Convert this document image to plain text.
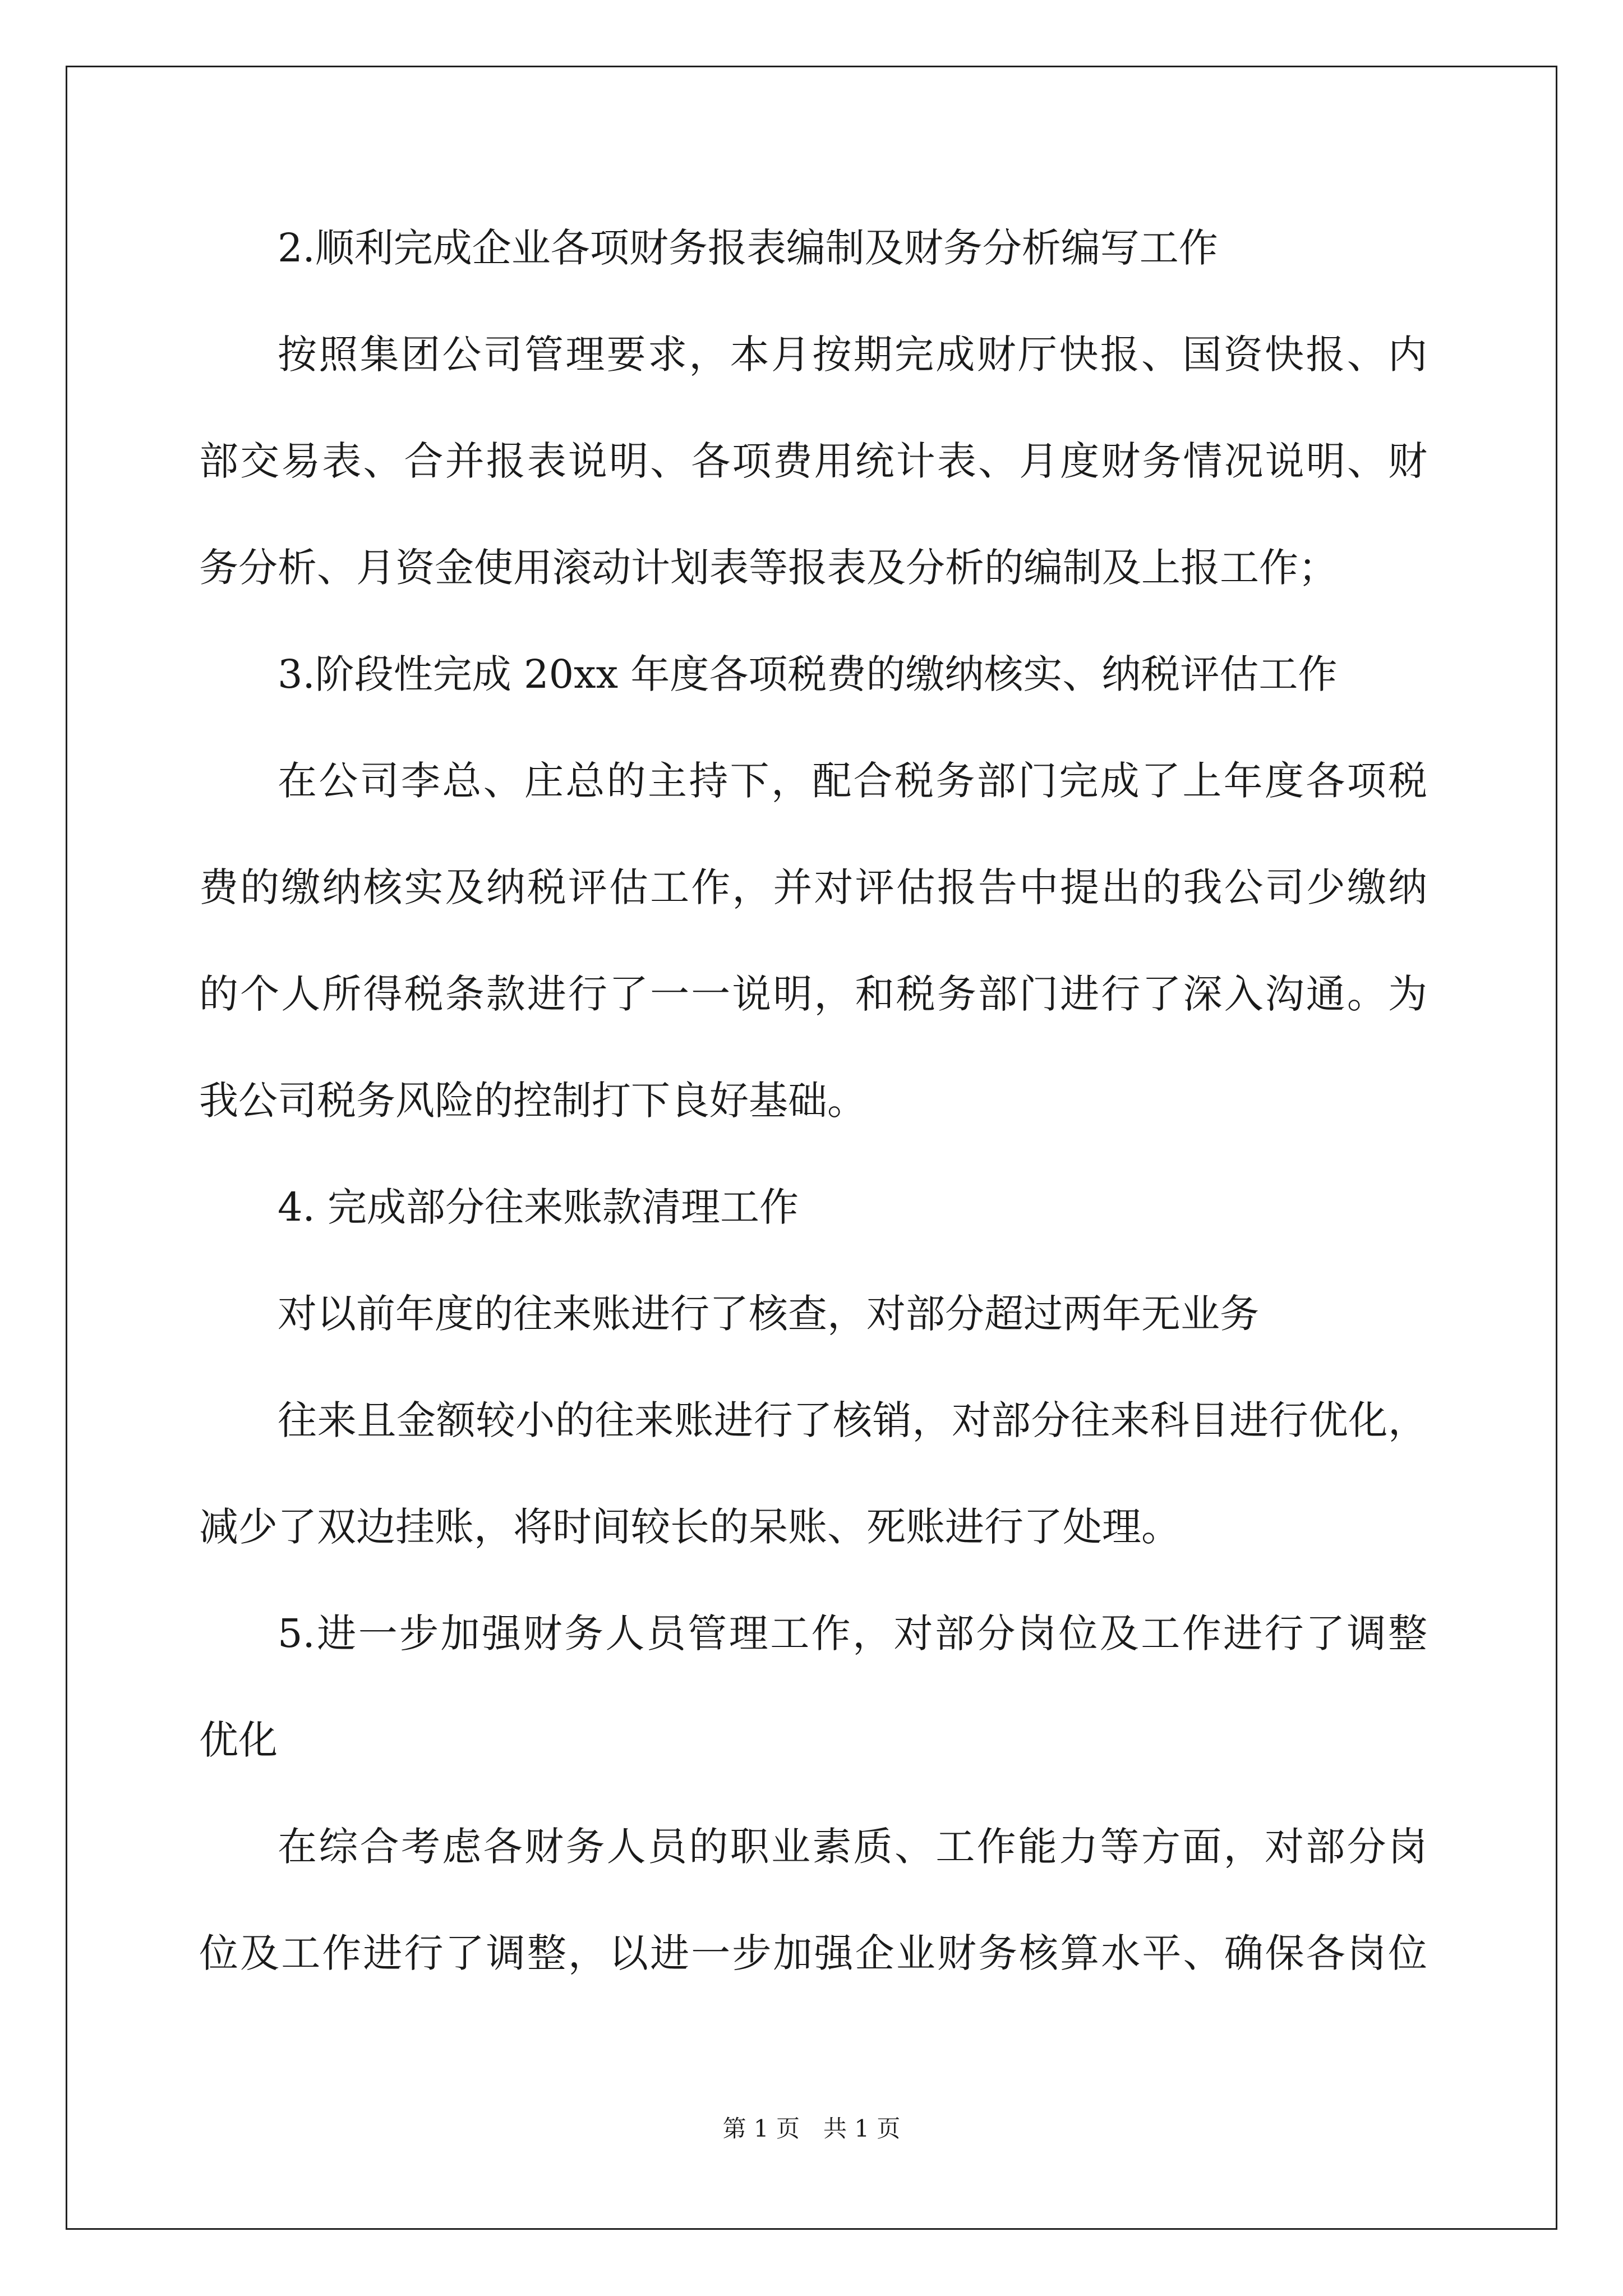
2.顺利完成企业各项财务报表编制及财务分析编写工作
按照集团公司管理要求，本月按期完成财厅快报、国资快报、内
部交易表、合并报表说明、各项费用统计表、月度财务情况说明、财
务分析、月资金使用滚动计划表等报表及分析的编制及上报工作；
3.阶段性完成 20xx 年度各项税费的缴纳核实、纳税评估工作
在公司李总、庄总的主持下，配合税务部门完成了上年度各项税
费的缴纳核实及纳税评估工作，并对评估报告中提出的我公司少缴纳
的个人所得税条款进行了一一说明，和税务部门进行了深入沟通。为
我公司税务风险的控制打下良好基础。
4. 完成部分往来账款清理工作
对以前年度的往来账进行了核查，对部分超过两年无业务
往来且金额较小的往来账进行了核销，对部分往来科目进行优化，
减少了双边挂账，将时间较长的呆账、死账进行了处理。
5.进一步加强财务人员管理工作，对部分岗位及工作进行了调整
优化
在综合考虑各财务人员的职业素质、工作能力等方面，对部分岗
位及工作进行了调整，以进一步加强企业财务核算水平、确保各岗位
第 1 页　共 1 页
